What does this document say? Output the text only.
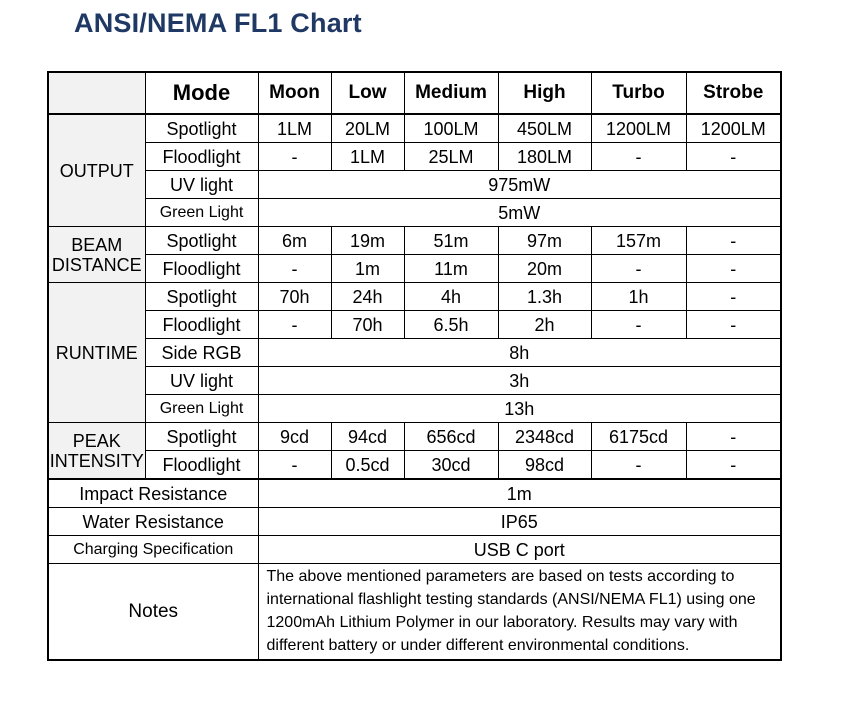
ANSI/NEMA FL1 Chart
	Mode	Moon	Low	Medium	High	Turbo	Strobe
OUTPUT	Spotlight	1LM	20LM	100LM	450LM	1200LM	1200LM
	Floodlight	-	1LM	25LM	180LM	-	-
	UV light	975mW					
	Green Light	5mW					
BEAM
DISTANCE	Spotlight	6m	19m	51m	97m	157m	-
	Floodlight	-	1m	11m	20m	-	-
RUNTIME	Spotlight	70h	24h	4h	1.3h	1h	-
	Floodlight	-	70h	6.5h	2h	-	-
	Side RGB	8h					
	UV light	3h					
	Green Light	13h					
PEAK
INTENSITY	Spotlight	9cd	94cd	656cd	2348cd	6175cd	-
	Floodlight	-	0.5cd	30cd	98cd	-	-
Impact Resistance		1m					
Water Resistance		IP65					
Charging Specification		USB C port					
Notes		The above mentioned parameters are based on tests according to international flashlight testing standards (ANSI/NEMA FL1) using one 1200mAh Lithium Polymer in our laboratory. Results may vary with different battery or under different environmental conditions.					
